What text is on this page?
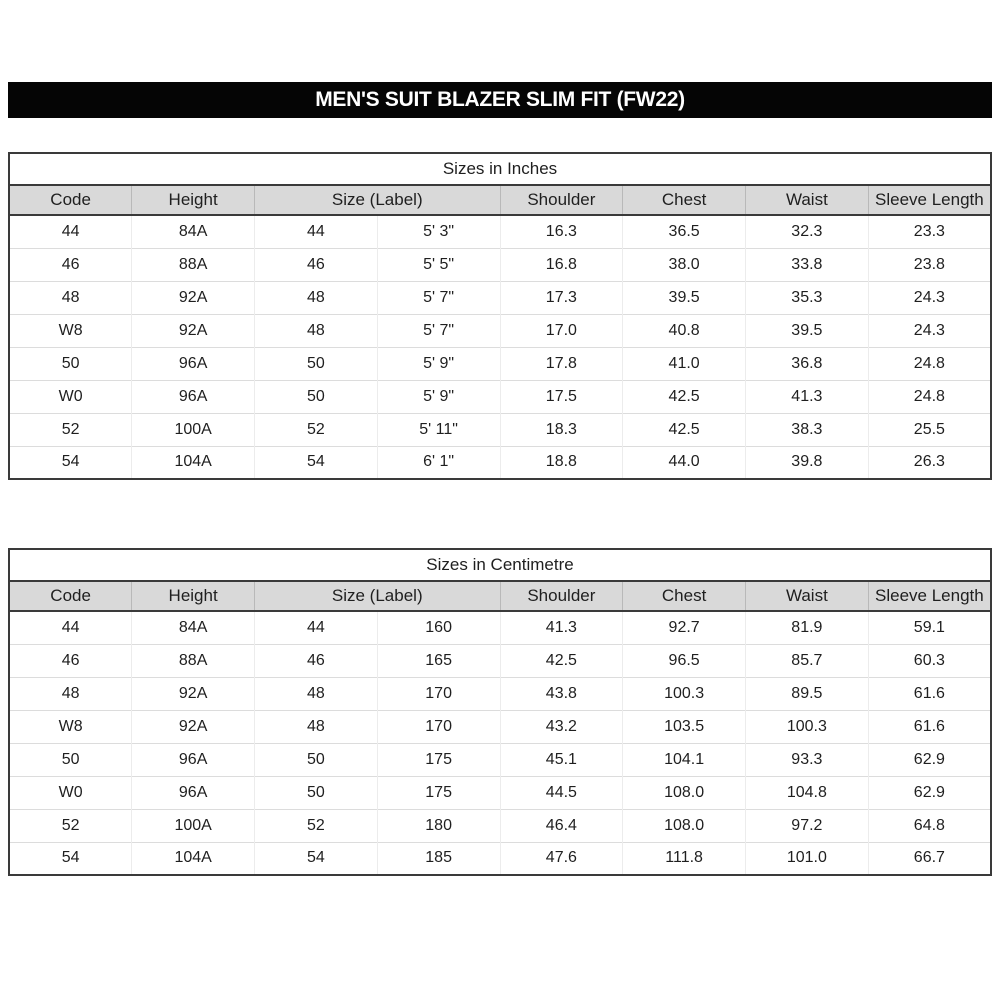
MEN'S SUIT BLAZER SLIM FIT (FW22)
Sizes in Inches							
Code	Height	Size (Label)		Shoulder	Chest	Waist	Sleeve Length
44	84A	44	5' 3"	16.3	36.5	32.3	23.3
46	88A	46	5' 5"	16.8	38.0	33.8	23.8
48	92A	48	5' 7"	17.3	39.5	35.3	24.3
W8	92A	48	5' 7"	17.0	40.8	39.5	24.3
50	96A	50	5' 9"	17.8	41.0	36.8	24.8
W0	96A	50	5' 9"	17.5	42.5	41.3	24.8
52	100A	52	5' 11"	18.3	42.5	38.3	25.5
54	104A	54	6' 1"	18.8	44.0	39.8	26.3
Sizes in Centimetre							
Code	Height	Size (Label)		Shoulder	Chest	Waist	Sleeve Length
44	84A	44	160	41.3	92.7	81.9	59.1
46	88A	46	165	42.5	96.5	85.7	60.3
48	92A	48	170	43.8	100.3	89.5	61.6
W8	92A	48	170	43.2	103.5	100.3	61.6
50	96A	50	175	45.1	104.1	93.3	62.9
W0	96A	50	175	44.5	108.0	104.8	62.9
52	100A	52	180	46.4	108.0	97.2	64.8
54	104A	54	185	47.6	111.8	101.0	66.7
